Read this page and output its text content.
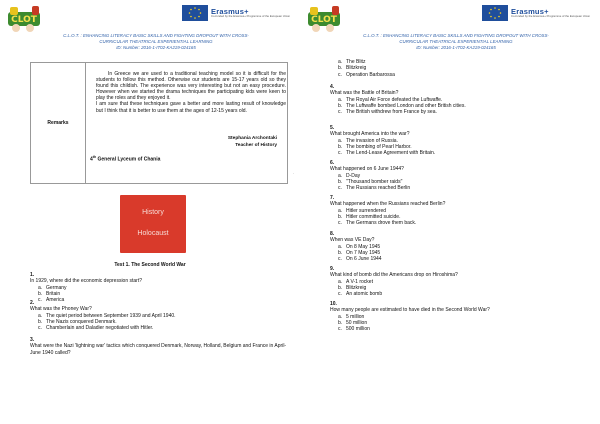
CLOT
Erasmus+
Co-funded by the Erasmus+ Programme of the European Union
C.L.O.T. : ENHANCING LITERACY BASIC SKILLS AND FIGHTING DROPOUT WITH CROSS-
CURRICULAR THEATRICAL EXPERIENTIAL LEARNING
ID: Number: 2016-1-IT02-KA219-024165
Remarks

In Greece we are used to a traditional teaching model so it is difficult for the students to follow this method. Otherwise our students are 15-17 years old so they found this childish. The experience was very interesting but not an easy procedure. However when we started the drama techniques the participating kids were keen to play the roles and they enjoyed it.

I am sure that these techniques gave a better and more lasting result of knowledge but I think that it is better to use them at the ages of 12-15 years old.

Stephania Archontaki
Teacher of History
4th General Lyceum of Chania
.
History
Holocaust
Test 1. The Second World War
1.
In 1929, where did the economic depression start?
a. Germany
b. Britain
c. America
2.
What was the Phoney War?
a. The quiet period between September 1939 and April 1940.
b. The Nazis conquered Denmark.
c. Chamberlain and Daladier negotiated with Hitler.
3.
What were the Nazi 'lightning war' tactics which conquered Denmark, Norway, Holland, Belgium and France in April-June 1940 called?
CLOT
Erasmus+
Co-funded by the Erasmus+ Programme of the European Union
C.L.O.T. : ENHANCING LITERACY BASIC SKILLS AND FIGHTING DROPOUT WITH CROSS-
CURRICULAR THEATRICAL EXPERIENTIAL LEARNING
ID: Number: 2016-1-IT02-KA219-024165
a. The Blitz
b. Blitzkreig
c. Operation Barbarossa
4.
What was the Battle of Britain?
a. The Royal Air Force defeated the Luftwaffe.
b. The Luftwaffe bombed London and other British cities.
c. The British withdrew from France by sea.
5.
What brought America into the war?
a. The invasion of Russia.
b. The bombing of Pearl Harbor.
c. The Lend-Lease Agreement with Britain.
6.
What happened on 6 June 1944?
a. D-Day
b. "Thousand bomber raids"
c. The Russians reached Berlin
7.
What happened when the Russians reached Berlin?
a. Hitler surrendered
b. Hitler committed suicide.
c. The Germans drove them back.
8.
When was VE Day?
a. On 8 May 1945
b. On 7 May 1945
c. On 6 June 1944
9.
What kind of bomb did the Americans drop on Hiroshima?
a. A V-1 rocket
b. Blitzkreig
c. An atomic bomb
10.
How many people are estimated to have died in the Second World War?
a. 5 million
b. 50 million
c. 500 million
